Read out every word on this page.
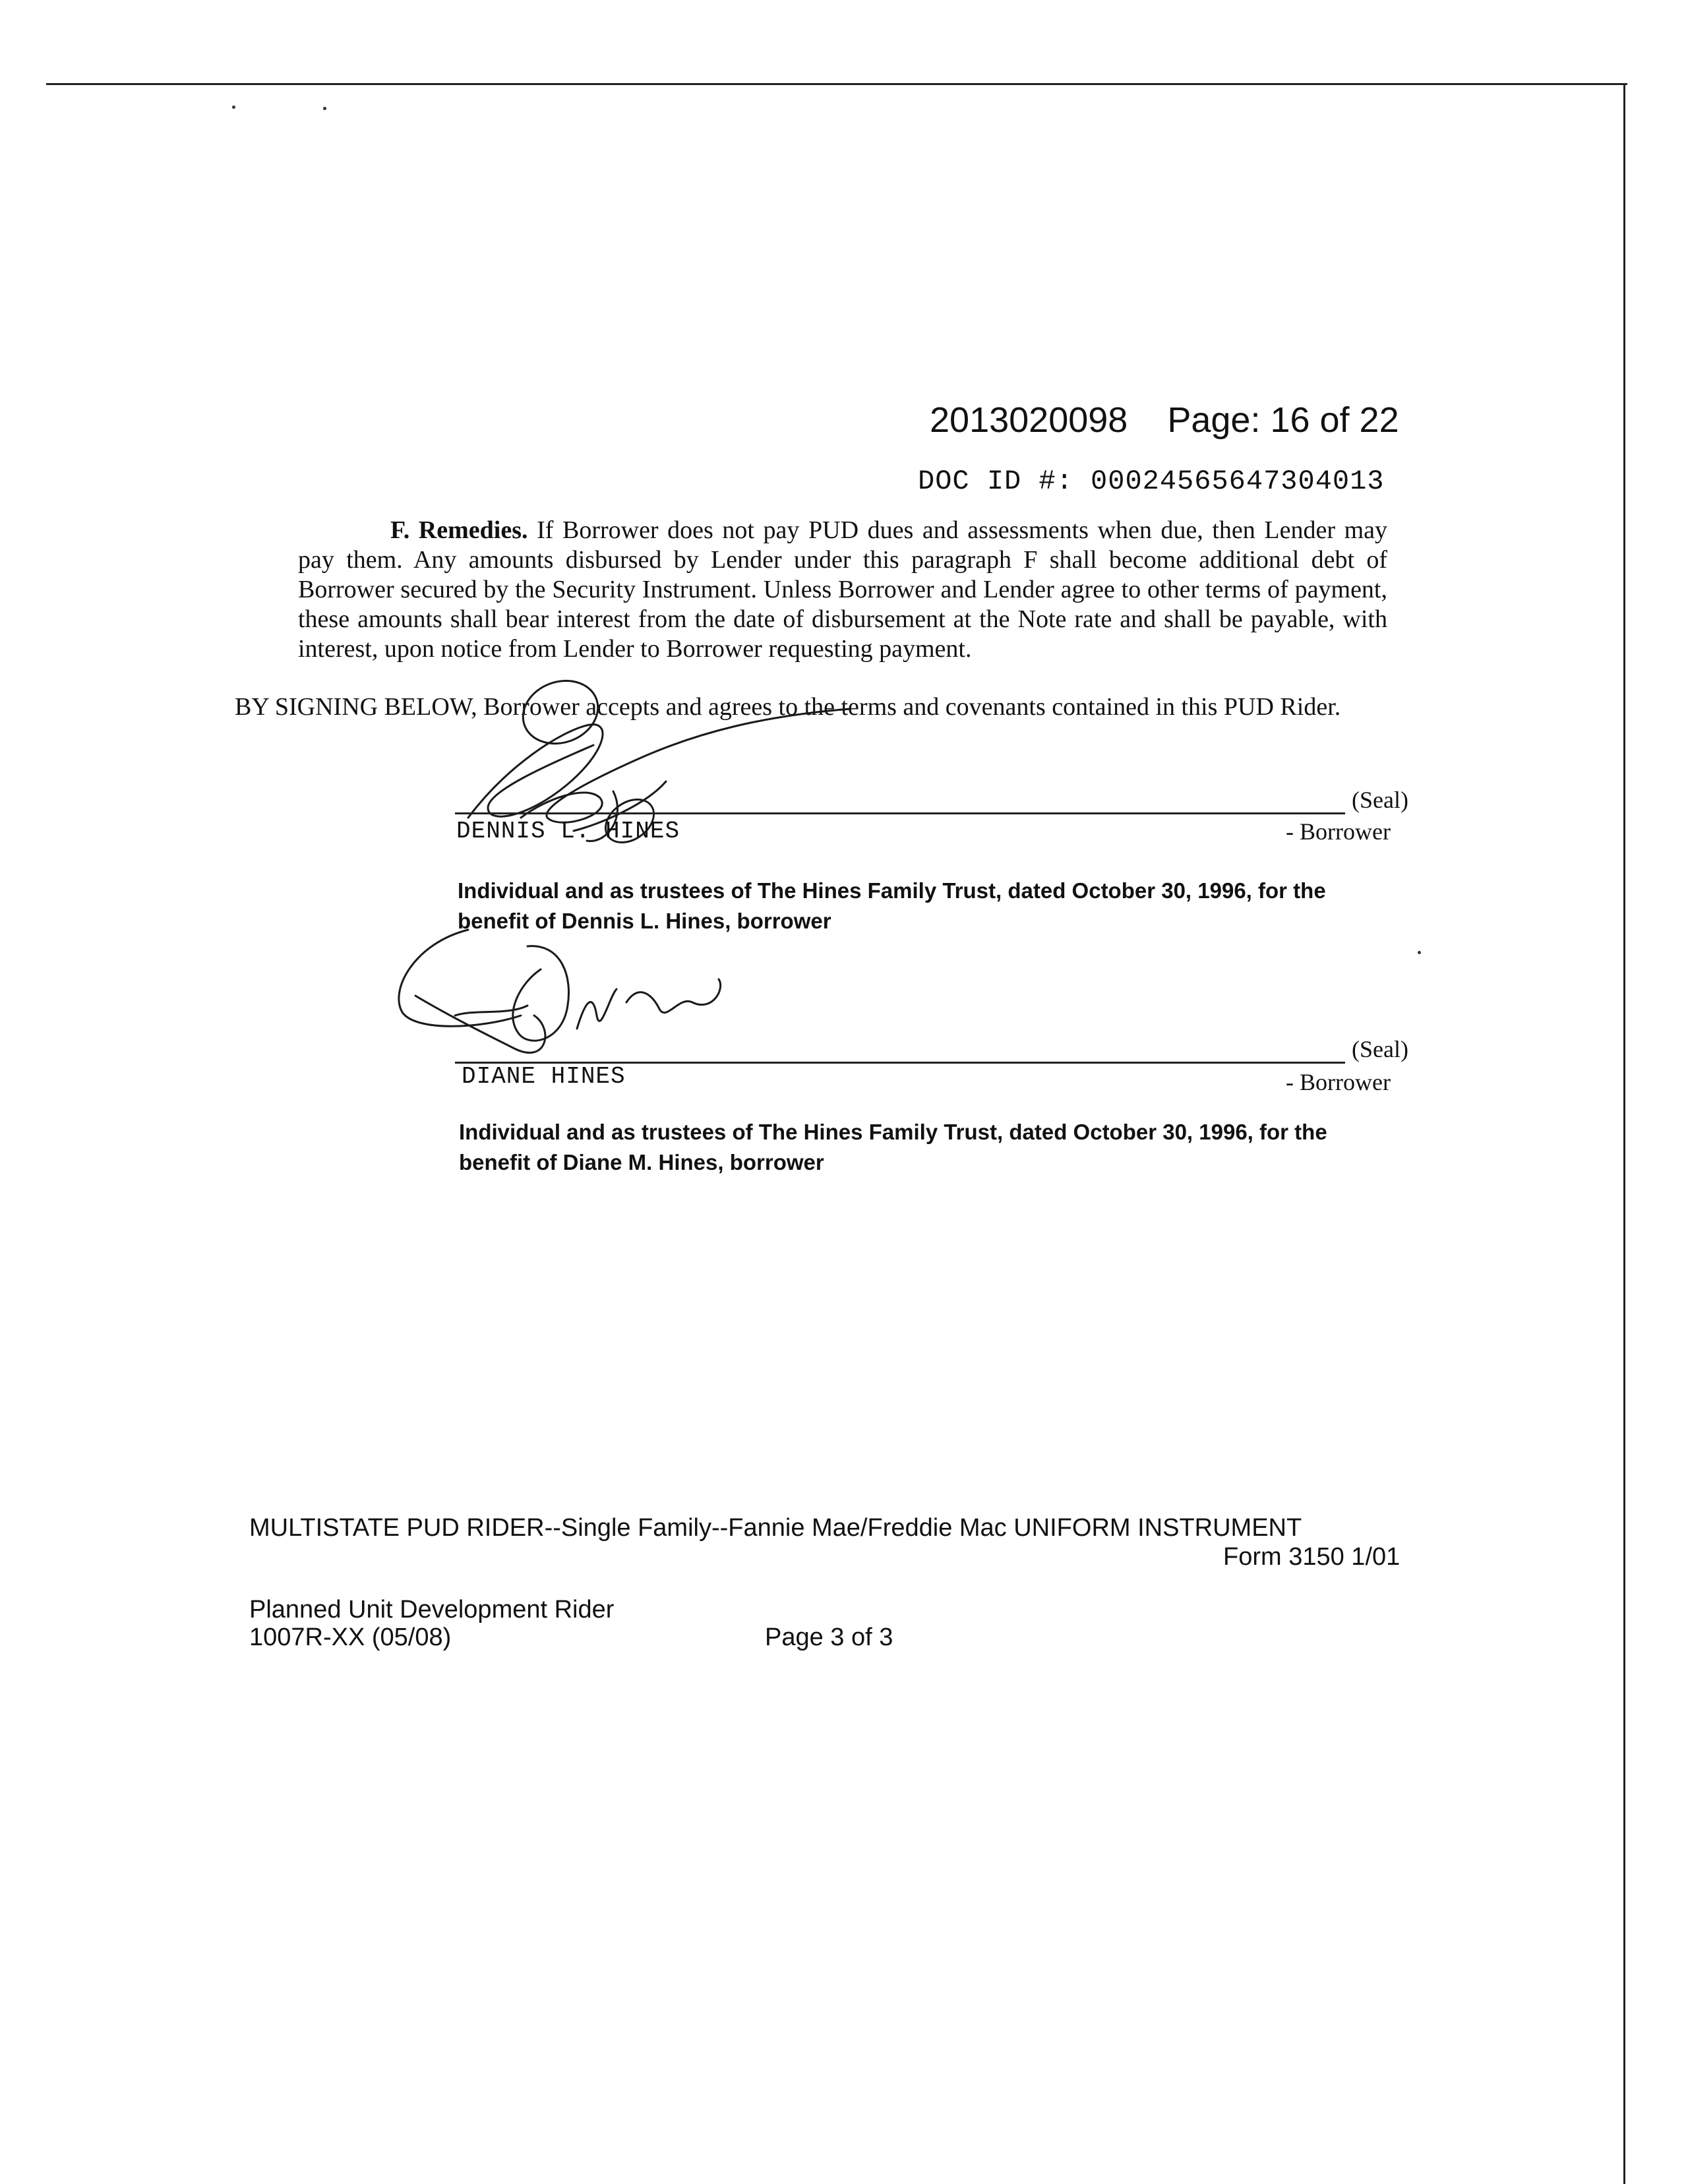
2013020098 Page: 16 of 22
DOC ID #: 00024565647304013
F. Remedies. If Borrower does not pay PUD dues and assessments when due, then Lender may pay them. Any amounts disbursed by Lender under this paragraph F shall become additional debt of Borrower secured by the Security Instrument. Unless Borrower and Lender agree to other terms of payment, these amounts shall bear interest from the date of disbursement at the Note rate and shall be payable, with interest, upon notice from Lender to Borrower requesting payment.
BY SIGNING BELOW, Borrower accepts and agrees to the terms and covenants contained in this PUD Rider.
(Seal)
DENNIS L. HINES	- Borrower
Individual and as trustees of The Hines Family Trust, dated October 30, 1996, for the
benefit of Dennis L. Hines, borrower
(Seal)
DIANE HINES	- Borrower
Individual and as trustees of The Hines Family Trust, dated October 30, 1996, for the
benefit of Diane M. Hines, borrower
MULTISTATE PUD RIDER--Single Family--Fannie Mae/Freddie Mac UNIFORM INSTRUMENT
Form 3150 1/01
Planned Unit Development Rider
1007R-XX (05/08)	Page 3 of 3
